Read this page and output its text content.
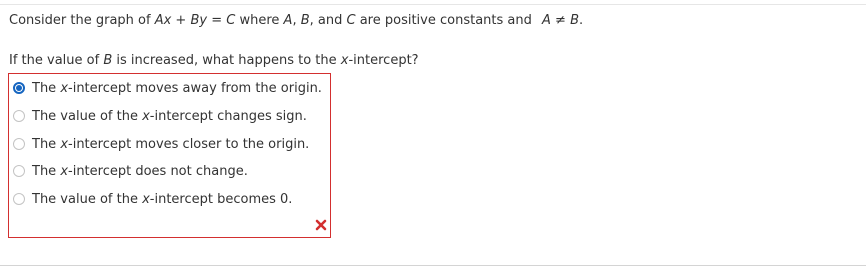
Consider the graph of Ax + By = C where A, B, and C are positive constants and A ≠ B.
If the value of B is increased, what happens to the x-intercept?
The x-intercept moves away from the origin.
The value of the x-intercept changes sign.
The x-intercept moves closer to the origin.
The x-intercept does not change.
The value of the x-intercept becomes 0.
